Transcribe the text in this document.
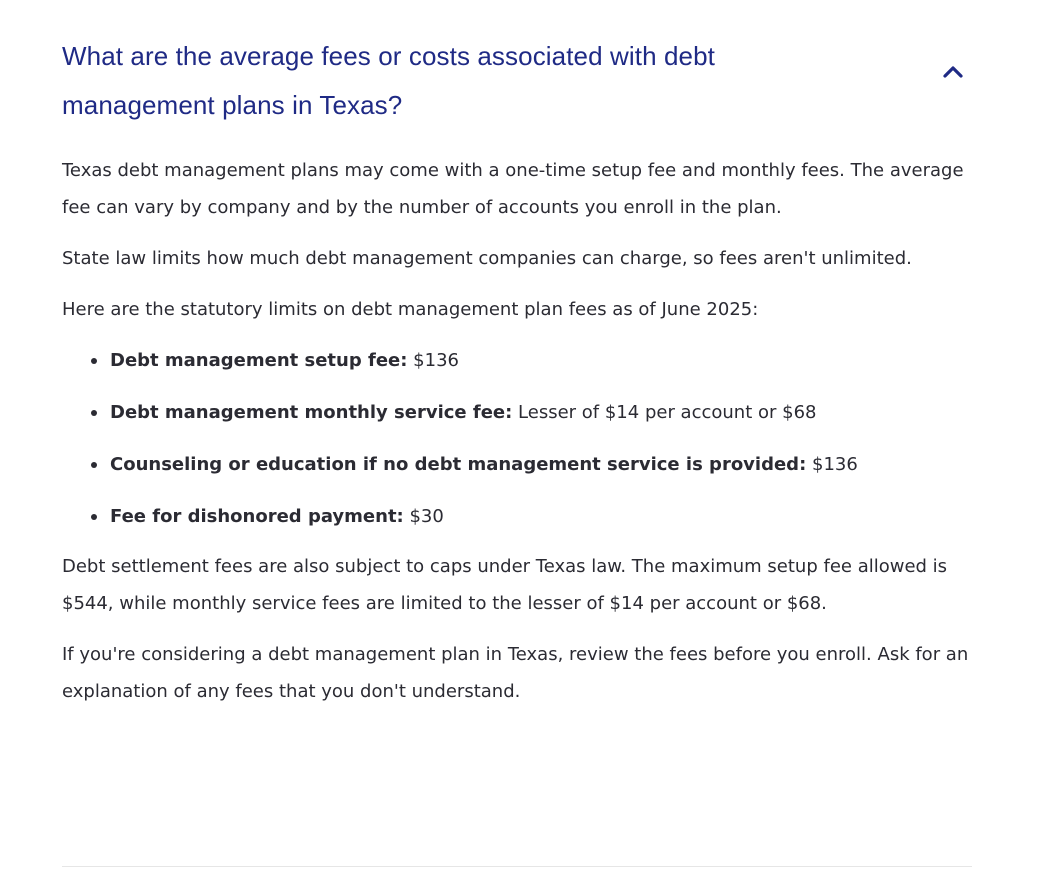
What are the average fees or costs associated with debt management plans in Texas?

Texas debt management plans may come with a one-time setup fee and monthly fees. The average fee can vary by company and by the number of accounts you enroll in the plan.

State law limits how much debt management companies can charge, so fees aren't unlimited.

Here are the statutory limits on debt management plan fees as of June 2025:

Debt management setup fee: $136
Debt management monthly service fee: Lesser of $14 per account or $68
Counseling or education if no debt management service is provided: $136
Fee for dishonored payment: $30

Debt settlement fees are also subject to caps under Texas law. The maximum setup fee allowed is $544, while monthly service fees are limited to the lesser of $14 per account or $68.

If you're considering a debt management plan in Texas, review the fees before you enroll. Ask for an explanation of any fees that you don't understand.
